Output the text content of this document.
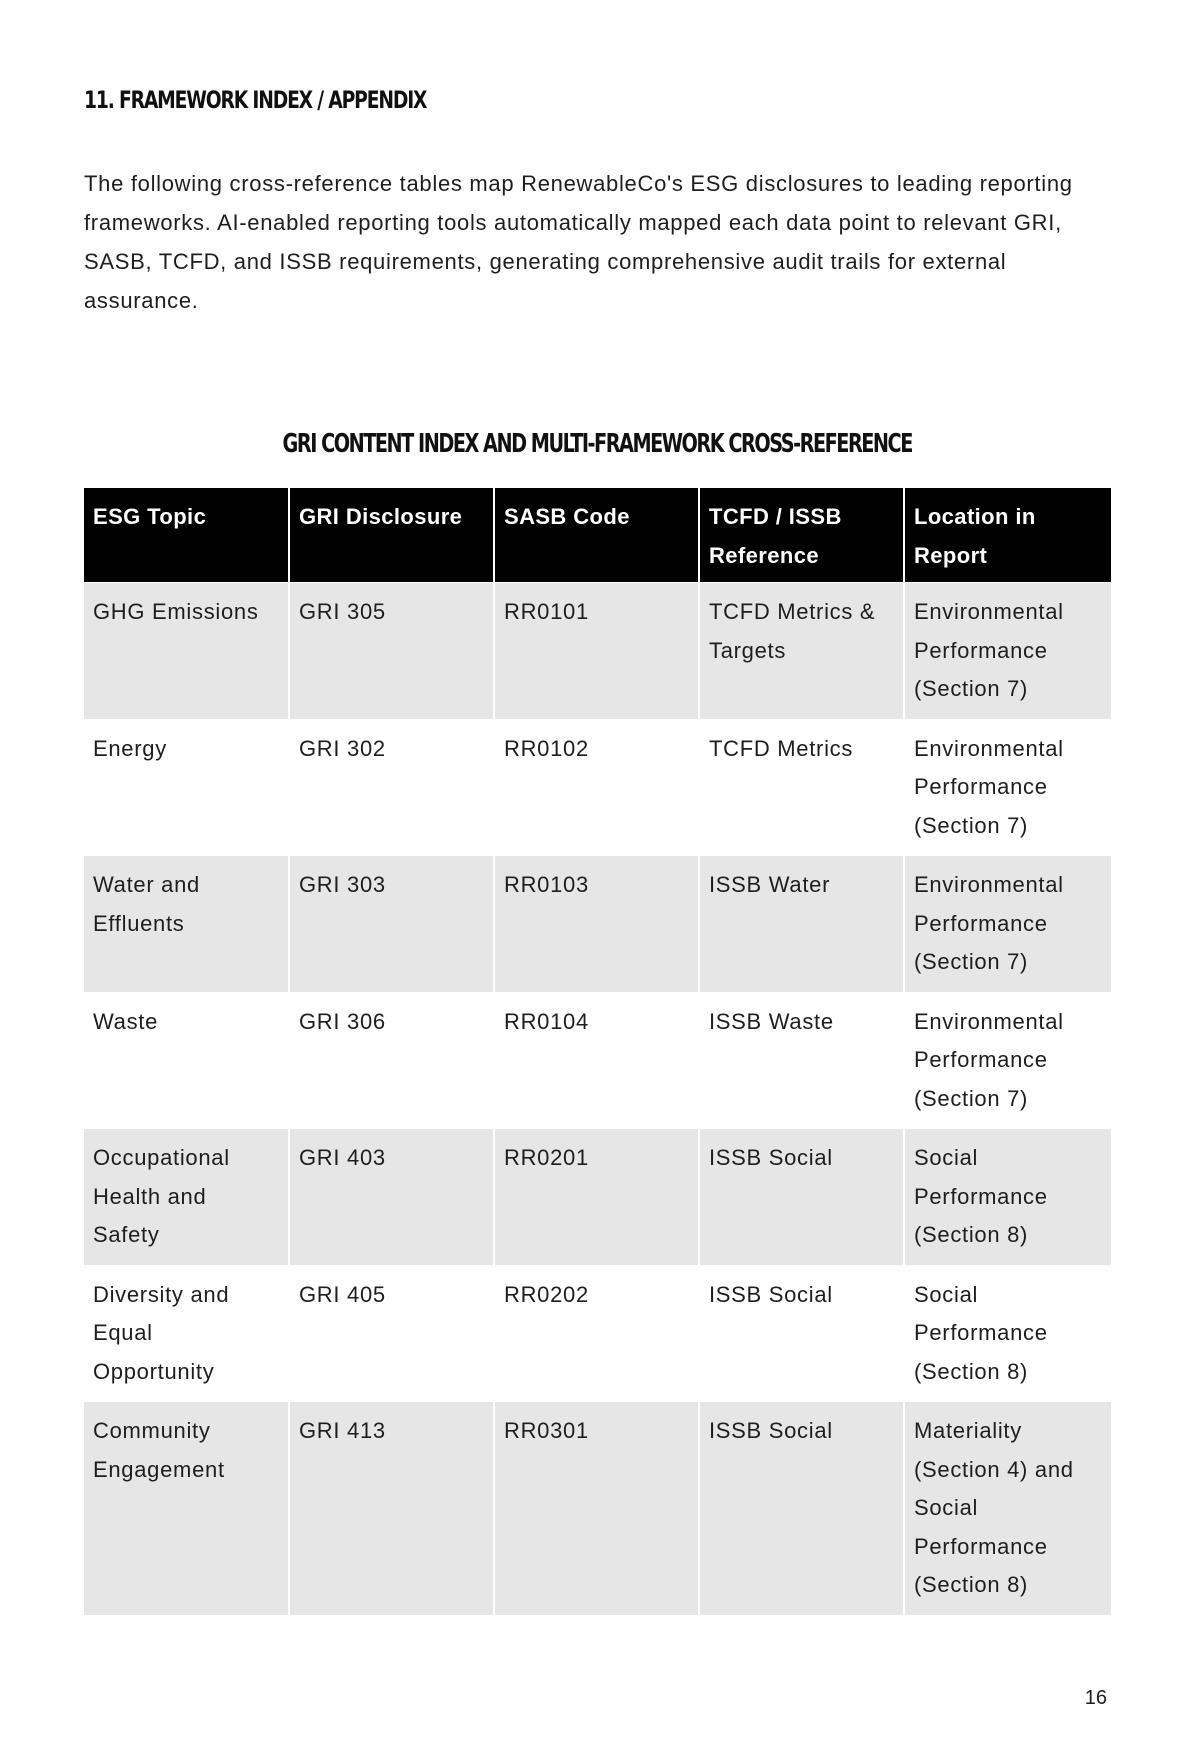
11. FRAMEWORK INDEX / APPENDIX

The following cross-reference tables map RenewableCo's ESG disclosures to leading reporting frameworks. AI-enabled reporting tools automatically mapped each data point to relevant GRI, SASB, TCFD, and ISSB requirements, generating comprehensive audit trails for external assurance.

GRI CONTENT INDEX AND MULTI-FRAMEWORK CROSS-REFERENCE
ESG Topic	GRI Disclosure	SASB Code	TCFD / ISSB Reference	Location in Report
GHG Emissions	GRI 305	RR0101	TCFD Metrics & Targets	Environmental Performance (Section 7)
Energy	GRI 302	RR0102	TCFD Metrics	Environmental Performance (Section 7)
Water and Effluents	GRI 303	RR0103	ISSB Water	Environmental Performance (Section 7)
Waste	GRI 306	RR0104	ISSB Waste	Environmental Performance (Section 7)
Occupational Health and Safety	GRI 403	RR0201	ISSB Social	Social Performance (Section 8)
Diversity and Equal Opportunity	GRI 405	RR0202	ISSB Social	Social Performance (Section 8)
Community Engagement	GRI 413	RR0301	ISSB Social	Materiality (Section 4) and Social Performance (Section 8)

16
